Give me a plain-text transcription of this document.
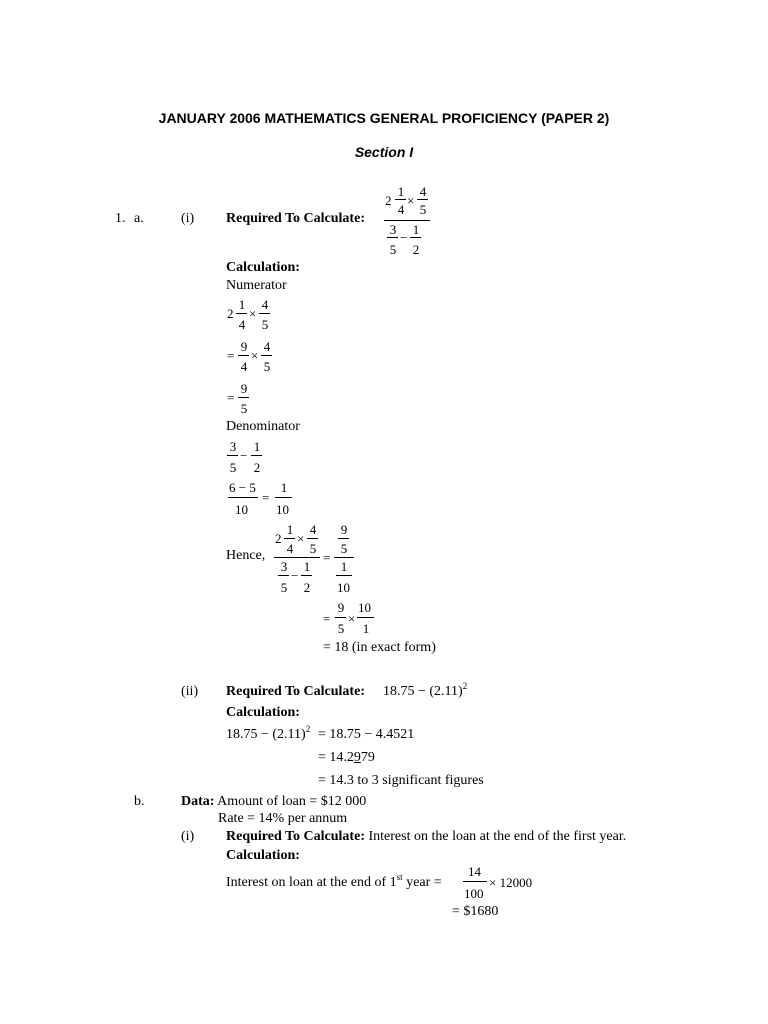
JANUARY 2006 MATHEMATICS GENERAL PROFICIENCY (PAPER 2)
Section I
1. a.	(i) Required To Calculate:
2
1
4
×
4
5
3
5
−
1
2
Calculation:
Numerator
2
1
4
×
4
5
=
9
4
×
4
5
=
9
5
Denominator
3
5
−
1
2
6 − 5
10
=
1
10
Hence,
2
1
4
×
4
5
3
5
−
1
2
=
9
5
1
10
=
9
5
×
10
1
= 18 (in exact form)
(ii) Required To Calculate: $18.75 - (2.11)^2$
Calculation:
$18.75 - (2.11)^2 = 18.75 - 4.4521$
= 14.2979
= 14.3 to 3 significant figures
b.	Data: Amount of loan = $12 000
Rate = 14% per annum
(i) Required To Calculate: Interest on the loan at the end of the first year.
Calculation:
Interest on loan at the end of 1st year =
14
100
× 12000
= $1680
